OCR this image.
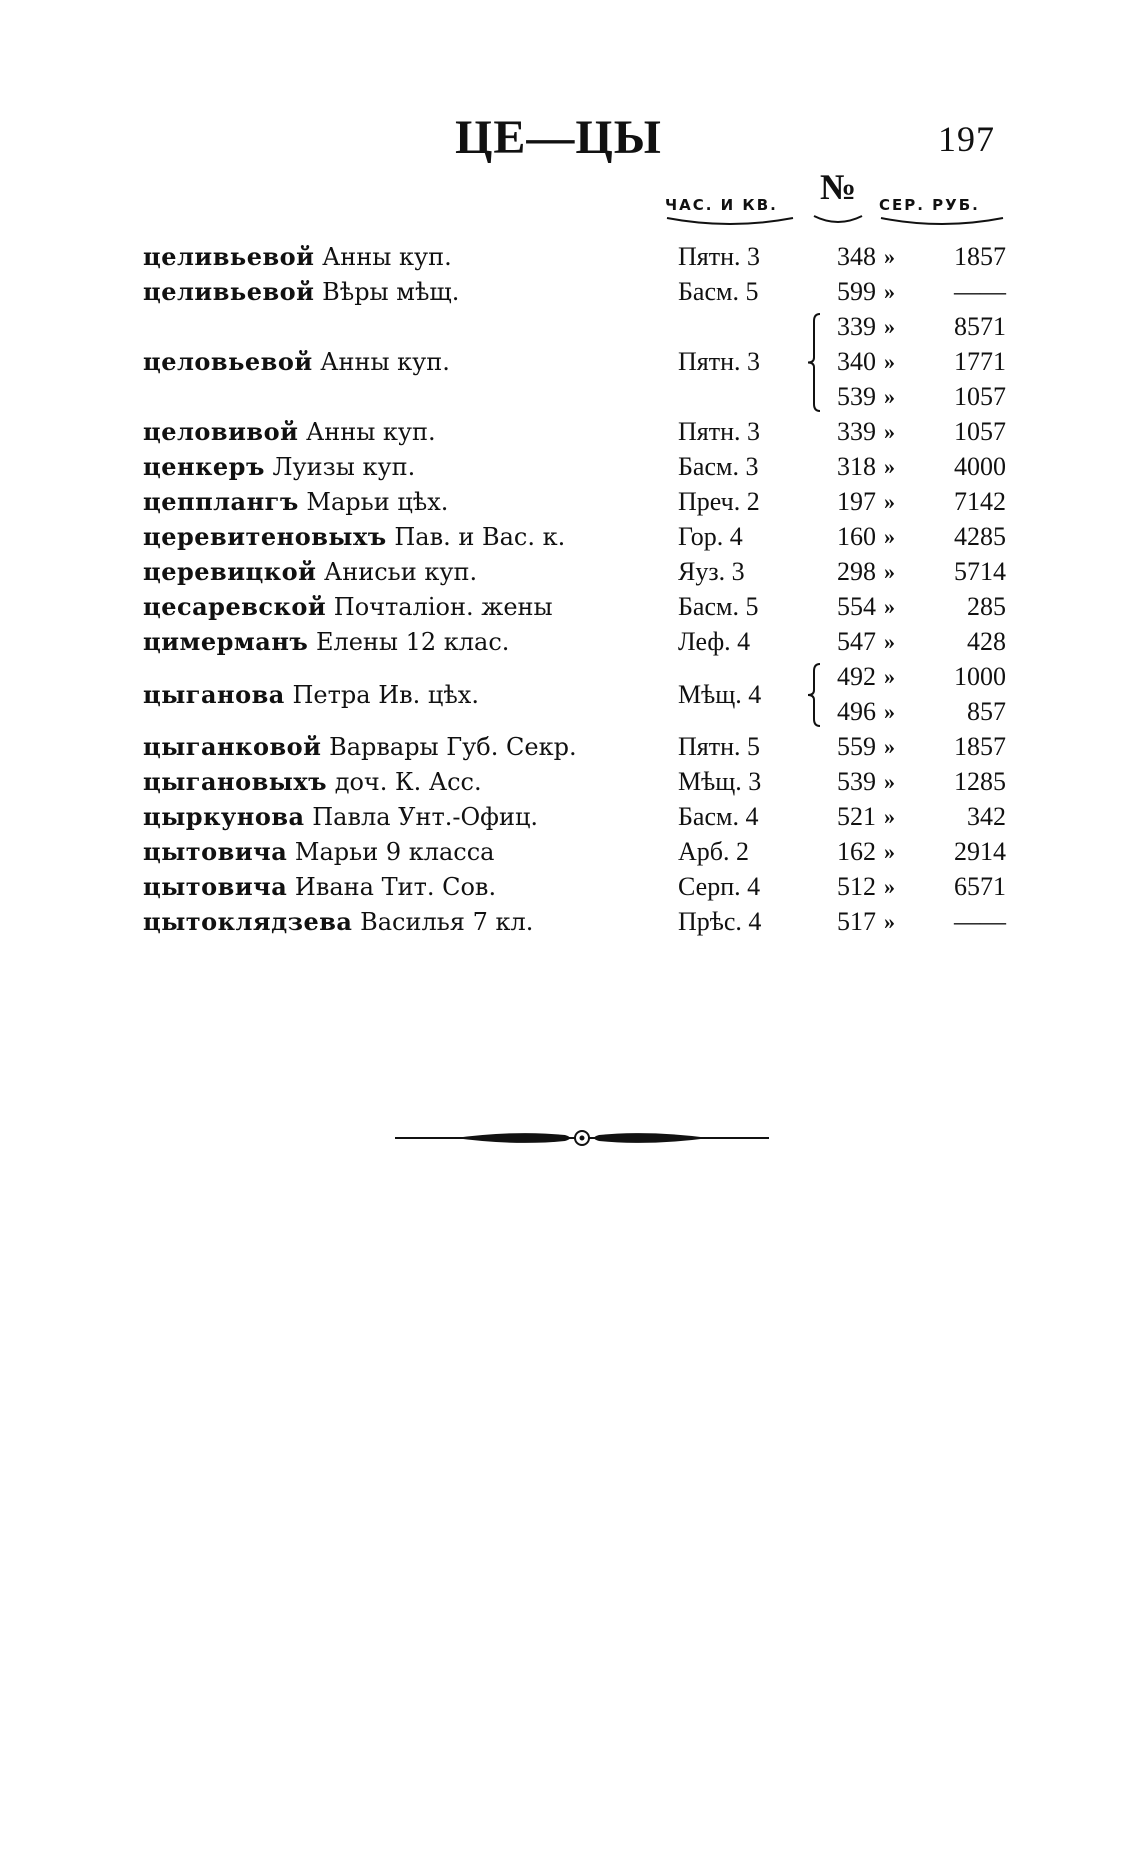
ЦЕ—ЦЫ	197
ЧАС. И КВ. № СЕР. РУБ.
целивьевой Анны куп.	Пятн. 3	348 » 1857
целивьевой Вѣры мѣщ.	Басм. 5	599 » ——
целовьевой Анны куп.	Пятн. 3
339 » 8571
340 » 1771
539 » 1057
целовивой Анны куп.	Пятн. 3	339 » 1057
ценкеръ Луизы куп.	Басм. 3	318 » 4000
цепплангъ Марьи цѣх.	Преч. 2	197 » 7142
церевитеновыхъ Пав. и Вас. к.	Гор. 4	160 » 4285
церевицкой Анисьи куп.	Яуз. 3	298 » 5714
цесаревской Почталіон. жены	Басм. 5	554 »	285
цимерманъ Елены 12 клас.	Леф. 4	547 »	428
цыганова Петра Ив. цѣх.	Мѣщ. 4
492 » 1000
496 »	857
цыганковой Варвары Губ. Секр.	Пятн. 5	559 » 1857
цыгановыхъ доч. К. Асс.	Мѣщ. 3	539 » 1285
цыркунова Павла Унт.-Офиц.	Басм. 4	521 »	342
цытовича Марьи 9 класса	Арб. 2	162 » 2914
цытовича Ивана Тит. Сов.	Серп. 4	512 » 6571
цытоклядзева Василья 7 кл.	Прѣс. 4	517 » ——
